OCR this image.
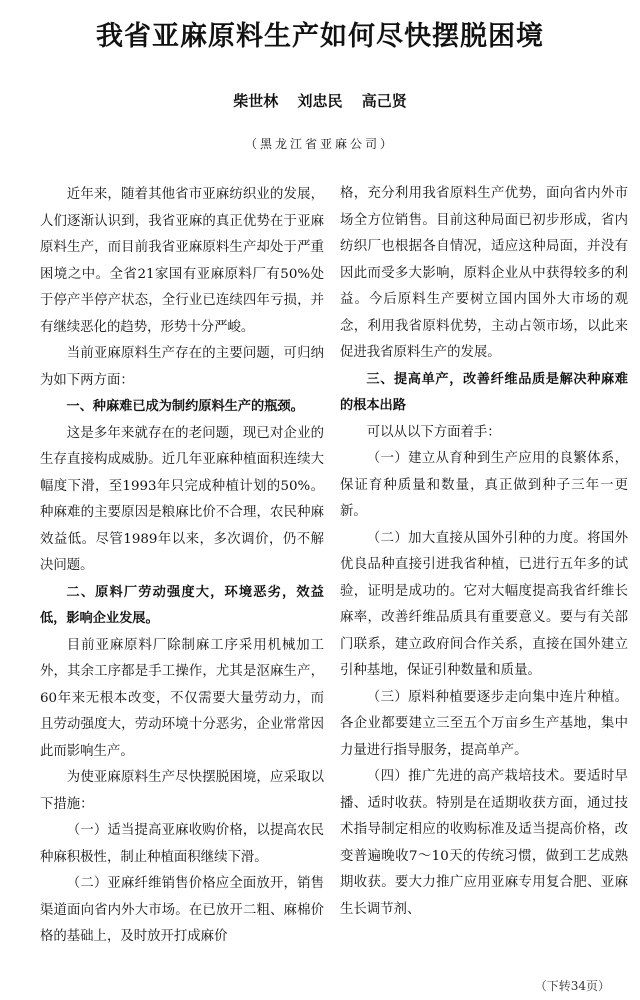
我省亚麻原料生产如何尽快摆脱困境
柴世林 刘忠民 高己贤
（黑龙江省亚麻公司）

近年来，随着其他省市亚麻纺织业的发展，人们逐渐认识到，我省亚麻的真正优势在于亚麻原料生产，而目前我省亚麻原料生产却处于严重困境之中。全省21家国有亚麻原料厂有50%处于停产半停产状态，全行业已连续四年亏损，并有继续恶化的趋势，形势十分严峻。

当前亚麻原料生产存在的主要问题，可归纳为如下两方面：

一、种麻难已成为制约原料生产的瓶颈。

这是多年来就存在的老问题，现已对企业的生存直接构成威胁。近几年亚麻种植面积连续大幅度下滑，至1993年只完成种植计划的50%。种麻难的主要原因是粮麻比价不合理，农民种麻效益低。尽管1989年以来，多次调价，仍不解决问题。

二、原料厂劳动强度大，环境恶劣，效益低，影响企业发展。

目前亚麻原料厂除制麻工序采用机械加工外，其余工序都是手工操作，尤其是沤麻生产，60年来无根本改变，不仅需要大量劳动力，而且劳动强度大，劳动环境十分恶劣，企业常常因此而影响生产。

为使亚麻原料生产尽快摆脱困境，应采取以下措施：

（一）适当提高亚麻收购价格，以提高农民种麻积极性，制止种植面积继续下滑。

（二）亚麻纤维销售价格应全面放开，销售渠道面向省内外大市场。在已放开二粗、麻棉价格的基础上，及时放开打成麻价

格，充分利用我省原料生产优势，面向省内外市场全方位销售。目前这种局面已初步形成，省内纺织厂也根据各自情况，适应这种局面，并没有因此而受多大影响，原料企业从中获得较多的利益。今后原料生产要树立国内国外大市场的观念，利用我省原料优势，主动占领市场，以此来促进我省原料生产的发展。

三、提高单产，改善纤维品质是解决种麻难的根本出路

可以从以下方面着手：

（一）建立从育种到生产应用的良繁体系，保证育种质量和数量，真正做到种子三年一更新。

（二）加大直接从国外引种的力度。将国外优良品种直接引进我省种植，已进行五年多的试验，证明是成功的。它对大幅度提高我省纤维长麻率，改善纤维品质具有重要意义。要与有关部门联系，建立政府间合作关系，直接在国外建立引种基地，保证引种数量和质量。

（三）原料种植要逐步走向集中连片种植。各企业都要建立三至五个万亩乡生产基地，集中力量进行指导服务，提高单产。

（四）推广先进的高产栽培技术。要适时早播、适时收获。特别是在适期收获方面，通过技术指导制定相应的收购标准及适当提高价格，改变普遍晚收7～10天的传统习惯，做到工艺成熟期收获。要大力推广应用亚麻专用复合肥、亚麻生长调节剂、

（下转34页）
